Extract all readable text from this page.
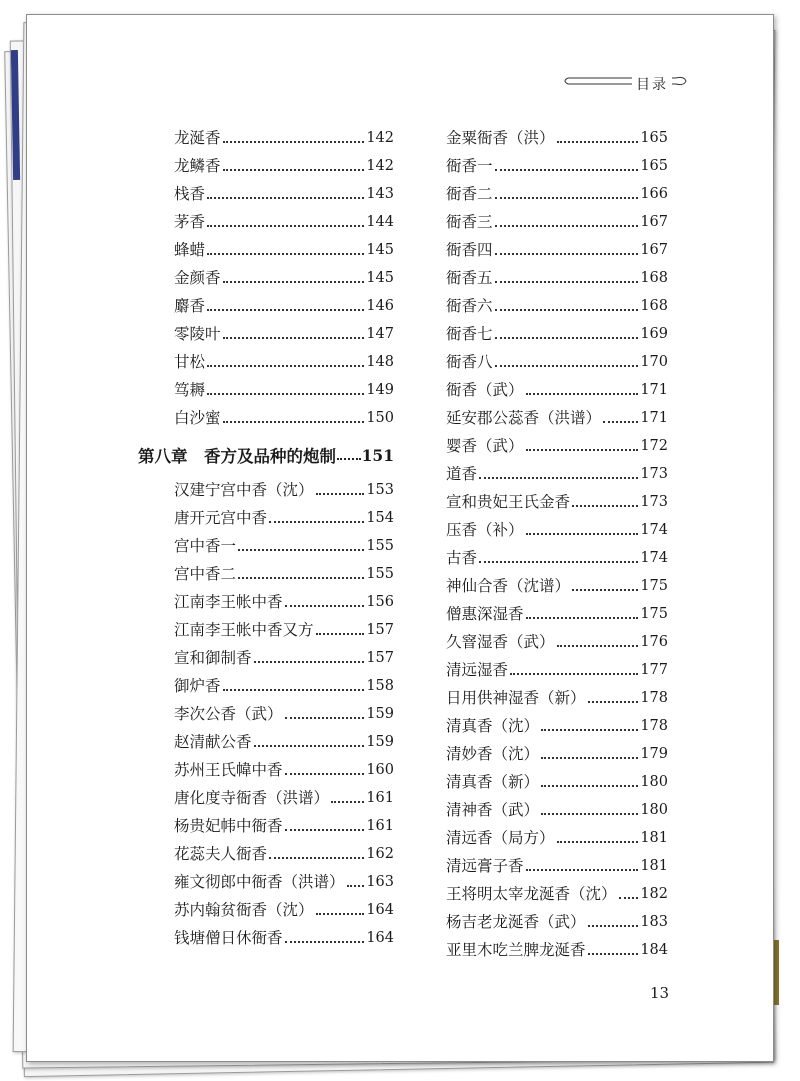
目录
龙涎香	142
龙鳞香	142
栈香	143
茅香	144
蜂蜡	145
金颜香	145
麝香	146
零陵叶	147
甘松	148
笃耨	149
白沙蜜	150
第八章　香方及品种的炮制 151
汉建宁宫中香（沈）	153
唐开元宫中香	154
宫中香一	155
宫中香二	155
江南李王帐中香	156
江南李王帐中香又方	157
宣和御制香	157
御炉香	158
李次公香（武）	159
赵清献公香	159
苏州王氏幃中香	160
唐化度寺衙香（洪谱）	161
杨贵妃帏中衙香	161
花蕊夫人衙香	162
雍文彻郎中衙香（洪谱） 163
苏内翰贫衙香（沈）	164
钱塘僧日休衙香	164
金粟衙香（洪）	165
衙香一	165
衙香二	166
衙香三	167
衙香四	167
衙香五	168
衙香六	168
衙香七	169
衙香八	170
衙香（武）	171
延安郡公蕊香（洪谱）	171
婴香（武）	172
道香	173
宣和贵妃王氏金香	173
压香（补）	174
古香	174
神仙合香（沈谱）	175
僧惠深湿香	175
久窨湿香（武）	176
清远湿香	177
日用供神湿香（新）	178
清真香（沈）	178
清妙香（沈）	179
清真香（新）	180
清神香（武）	180
清远香（局方）	181
清远膏子香	181
王将明太宰龙涎香（沈） 182
杨吉老龙涎香（武）	183
亚里木吃兰脾龙涎香	184
13
